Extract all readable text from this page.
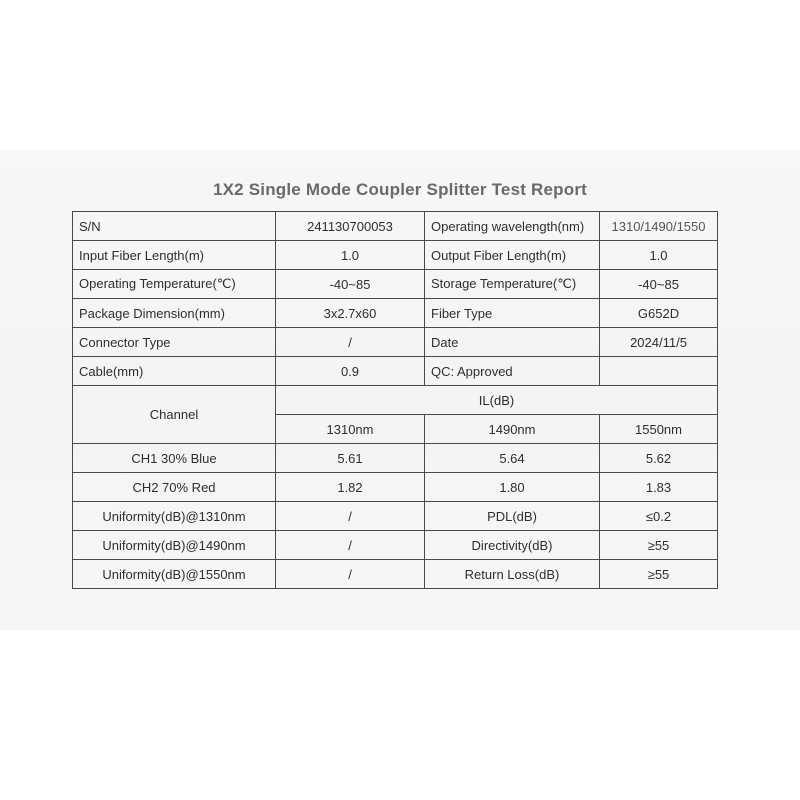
1X2 Single Mode Coupler Splitter Test Report
S/N	241130700053	Operating wavelength(nm)	1310/1490/1550
Input Fiber Length(m)	1.0	Output Fiber Length(m)	1.0
Operating Temperature(℃)	-40~85	Storage Temperature(℃)	-40~85
Package Dimension(mm)	3x2.7x60	Fiber Type	G652D
Connector Type	/	Date	2024/11/5
Cable(mm)	0.9	QC: Approved	
Channel	IL(dB)		
	1310nm	1490nm	1550nm
CH1 30% Blue	5.61	5.64	5.62
CH2 70% Red	1.82	1.80	1.83
Uniformity(dB)@1310nm	/	PDL(dB)	≤0.2
Uniformity(dB)@1490nm	/	Directivity(dB)	≥55
Uniformity(dB)@1550nm	/	Return Loss(dB)	≥55
